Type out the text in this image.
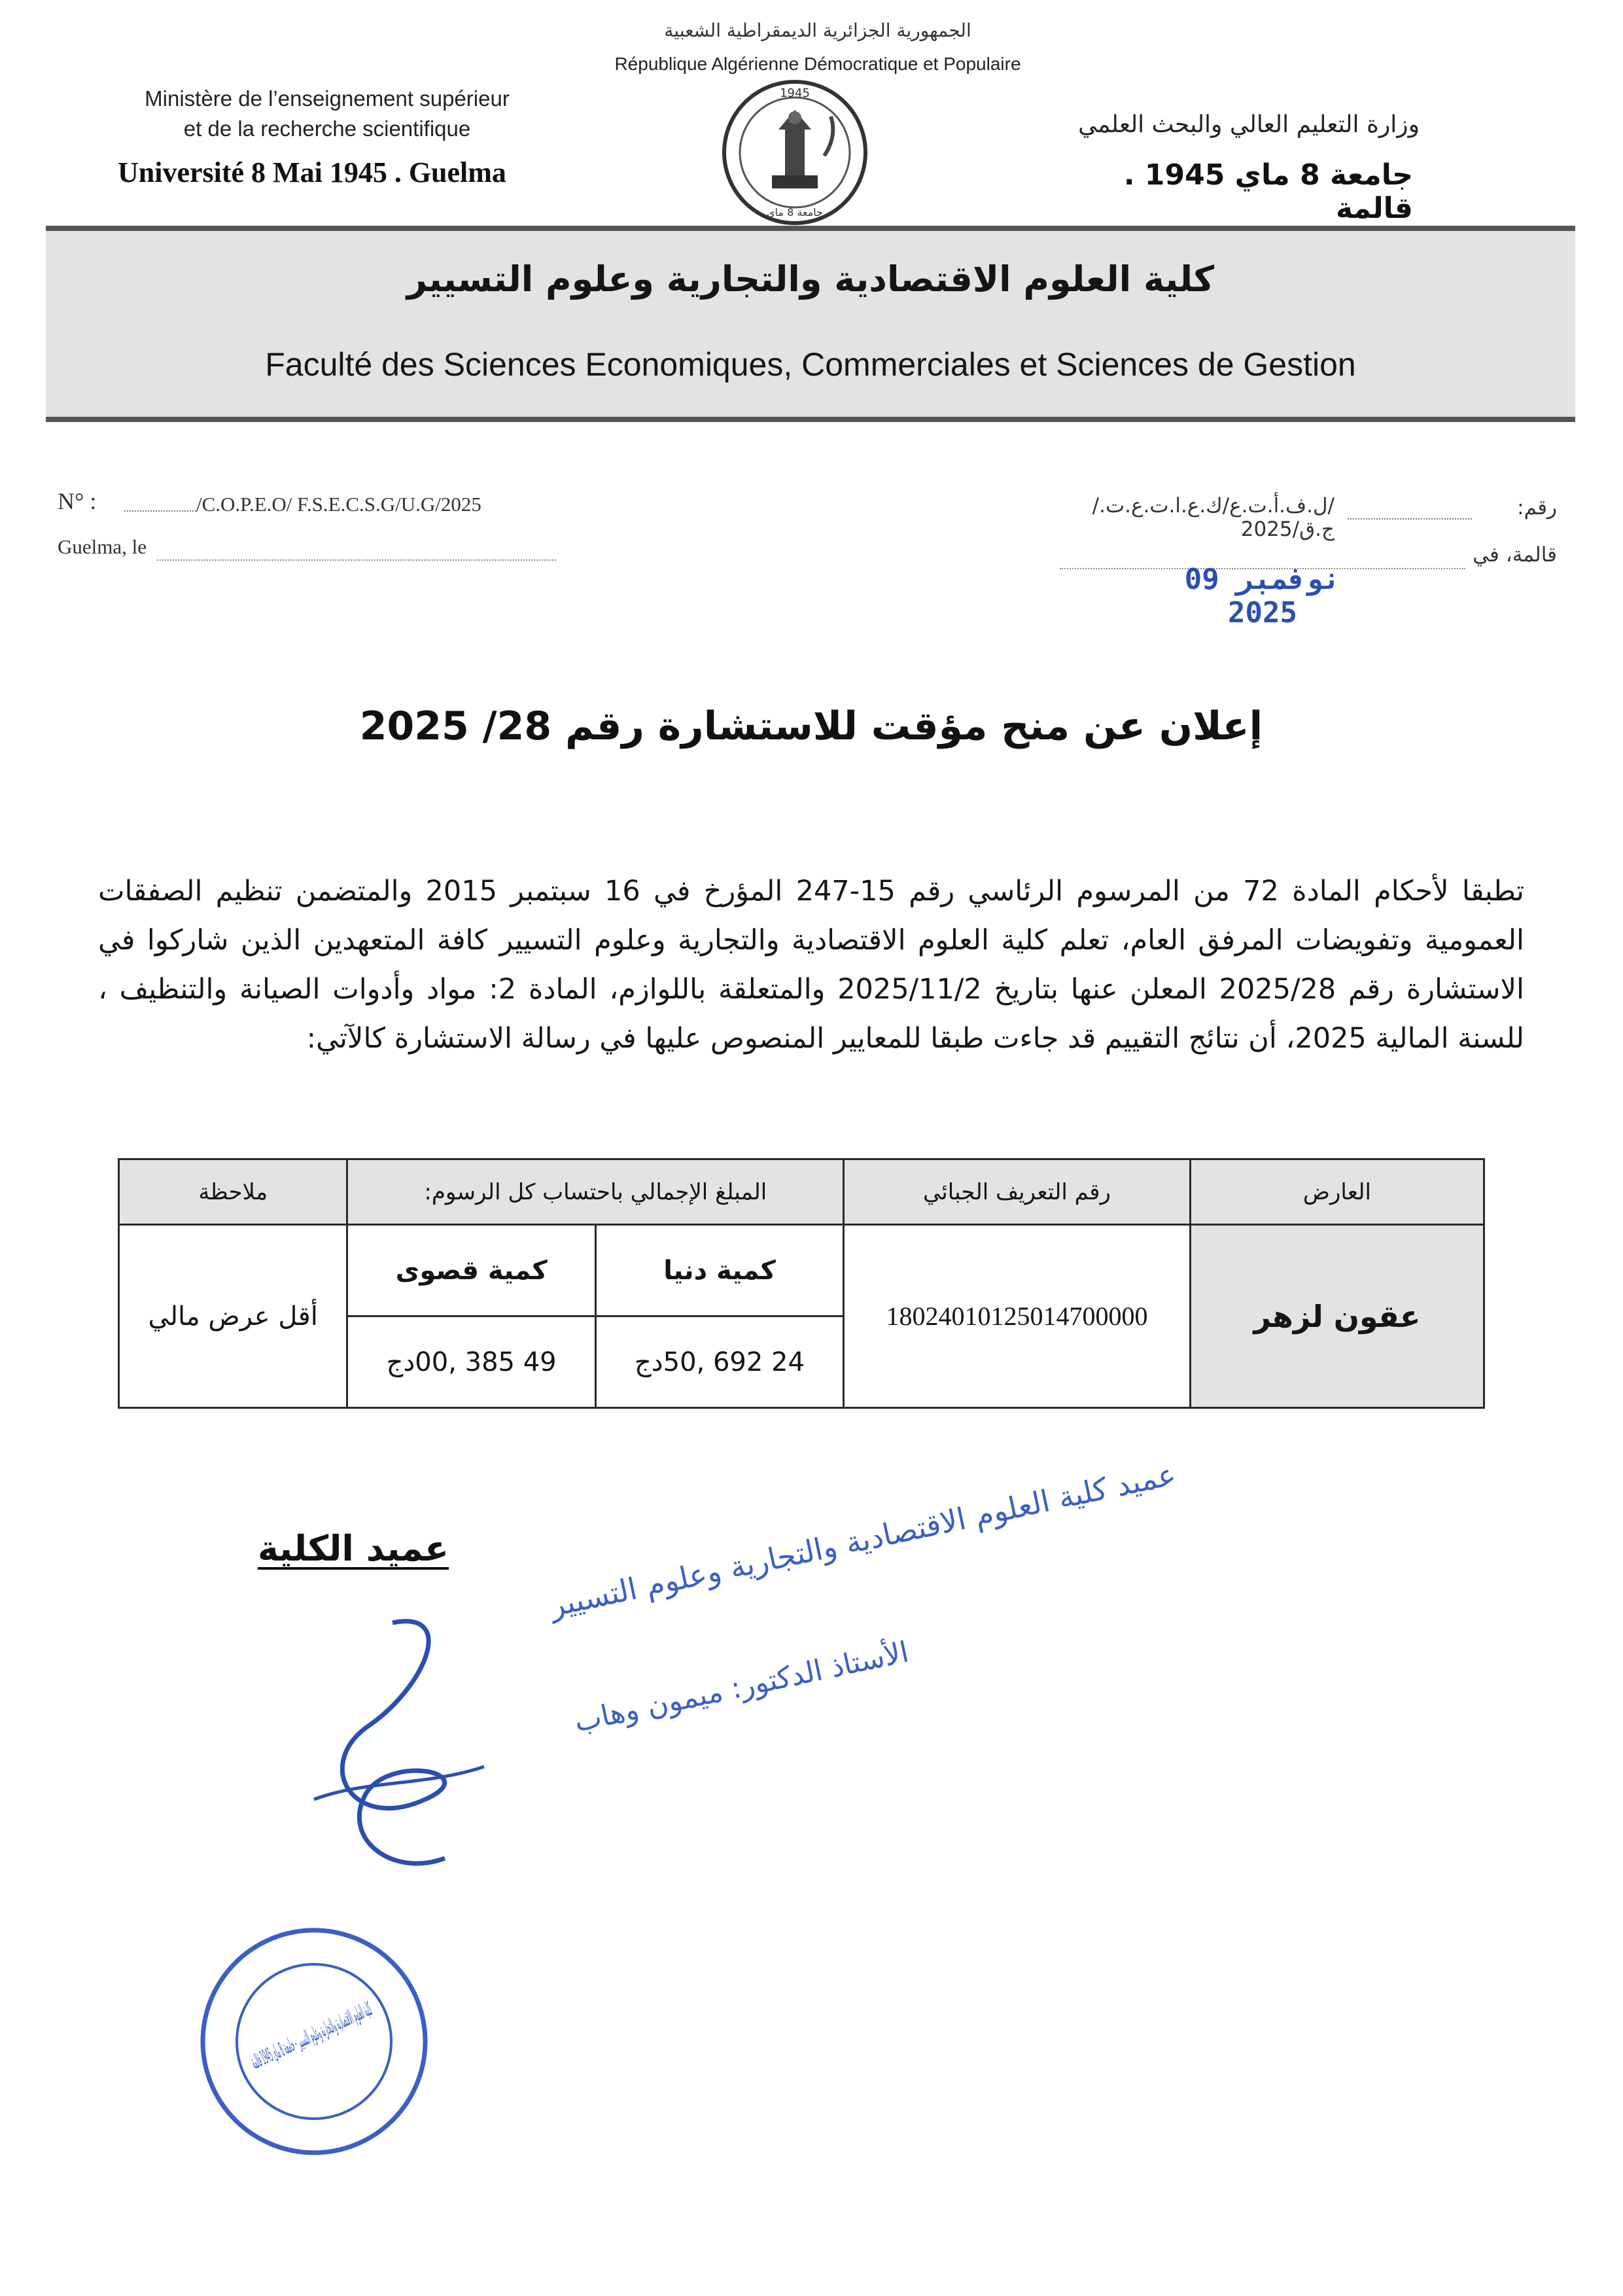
الجمهورية الجزائرية الديمقراطية الشعبية
République Algérienne Démocratique et Populaire
Ministère de l’enseignement supérieur
et de la recherche scientifique
Université 8 Mai 1945 . Guelma
وزارة التعليم العالي والبحث العلمي
جامعة 8 ماي 1945 . قالمة
1945
جامعة 8 ماي
كلية العلوم الاقتصادية والتجارية وعلوم التسيير
Faculté des Sciences Economiques, Commerciales et Sciences de Gestion
N° :	/C.O.P.E.O/ F.S.E.C.S.G/U.G/2025
Guelma, le
رقم:
/ل.ف.أ.ت.ع/ك.ع.ا.ت.ع.ت./ج.ق/2025
قالمة، في
09 نوفمبر 2025
إعلان عن منح مؤقت للاستشارة رقم 28/ 2025
تطبقا لأحكام المادة 72 من المرسوم الرئاسي رقم 15-247 المؤرخ في 16 سبتمبر 2015 والمتضمن تنظيم الصفقات العمومية وتفويضات المرفق العام، تعلم كلية العلوم الاقتصادية والتجارية وعلوم التسيير كافة المتعهدين الذين شاركوا في الاستشارة رقم 2025/28 المعلن عنها بتاريخ 2025/11/2 والمتعلقة باللوازم، المادة 2: مواد وأدوات الصيانة والتنظيف ، للسنة المالية 2025، أن نتائج التقييم قد جاءت طبقا للمعايير المنصوص عليها في رسالة الاستشارة كالآتي:
العارض	رقم التعريف الجبائي	المبلغ الإجمالي باحتساب كل الرسوم:		ملاحظة
عقون لزهر	18024010125014700000	كمية دنيا	كمية قصوى	أقل عرض مالي
		24 692 ,50دج	49 385 ,00دج	
عميد الكلية	عميد كلية العلوم الاقتصادية والتجارية وعلوم التسيير
الأستاذ الدكتور: ميمون وهاب
كلية العلوم الاقتصادية والتجارية وعلوم التسيير - جامعة 8 ماي 1945 قالمة
